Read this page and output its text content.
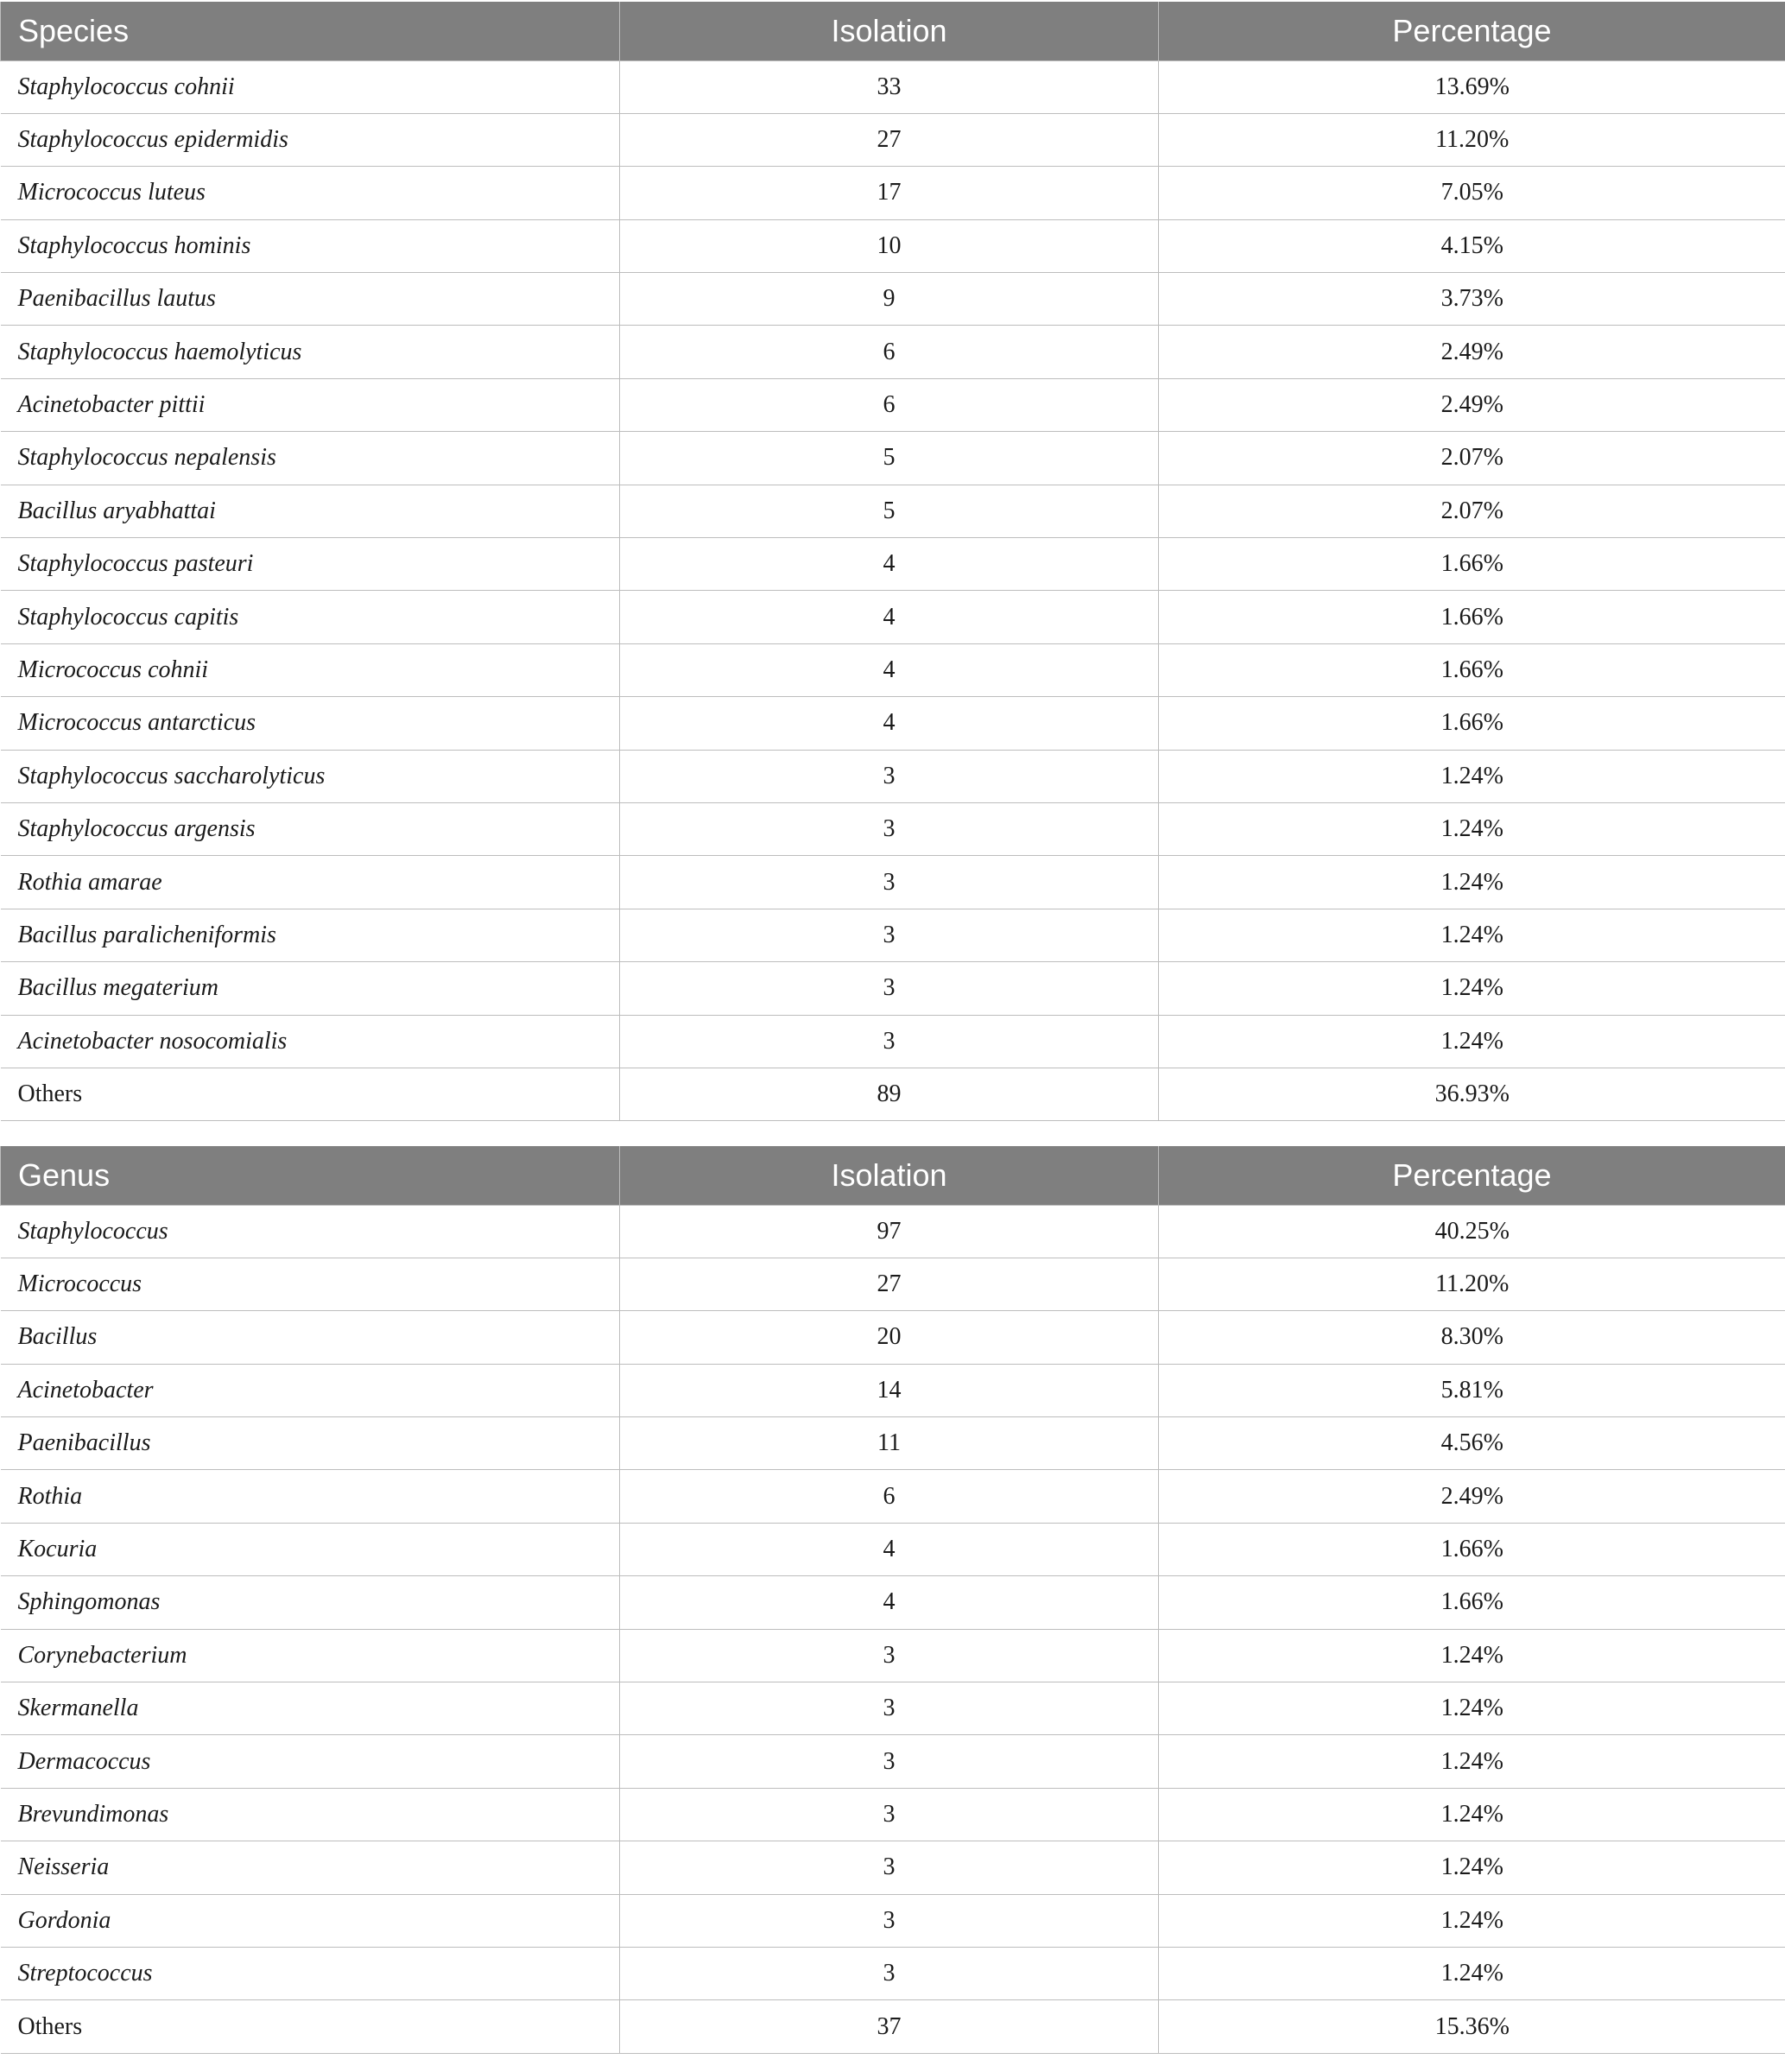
Species	Isolation	Percentage
Staphylococcus cohnii	33	13.69%
Staphylococcus epidermidis	27	11.20%
Micrococcus luteus	17	7.05%
Staphylococcus hominis	10	4.15%
Paenibacillus lautus	9	3.73%
Staphylococcus haemolyticus	6	2.49%
Acinetobacter pittii	6	2.49%
Staphylococcus nepalensis	5	2.07%
Bacillus aryabhattai	5	2.07%
Staphylococcus pasteuri	4	1.66%
Staphylococcus capitis	4	1.66%
Micrococcus cohnii	4	1.66%
Micrococcus antarcticus	4	1.66%
Staphylococcus saccharolyticus	3	1.24%
Staphylococcus argensis	3	1.24%
Rothia amarae	3	1.24%
Bacillus paralicheniformis	3	1.24%
Bacillus megaterium	3	1.24%
Acinetobacter nosocomialis	3	1.24%
Others	89	36.93%
Genus	Isolation	Percentage
Staphylococcus	97	40.25%
Micrococcus	27	11.20%
Bacillus	20	8.30%
Acinetobacter	14	5.81%
Paenibacillus	11	4.56%
Rothia	6	2.49%
Kocuria	4	1.66%
Sphingomonas	4	1.66%
Corynebacterium	3	1.24%
Skermanella	3	1.24%
Dermacoccus	3	1.24%
Brevundimonas	3	1.24%
Neisseria	3	1.24%
Gordonia	3	1.24%
Streptococcus	3	1.24%
Others	37	15.36%
